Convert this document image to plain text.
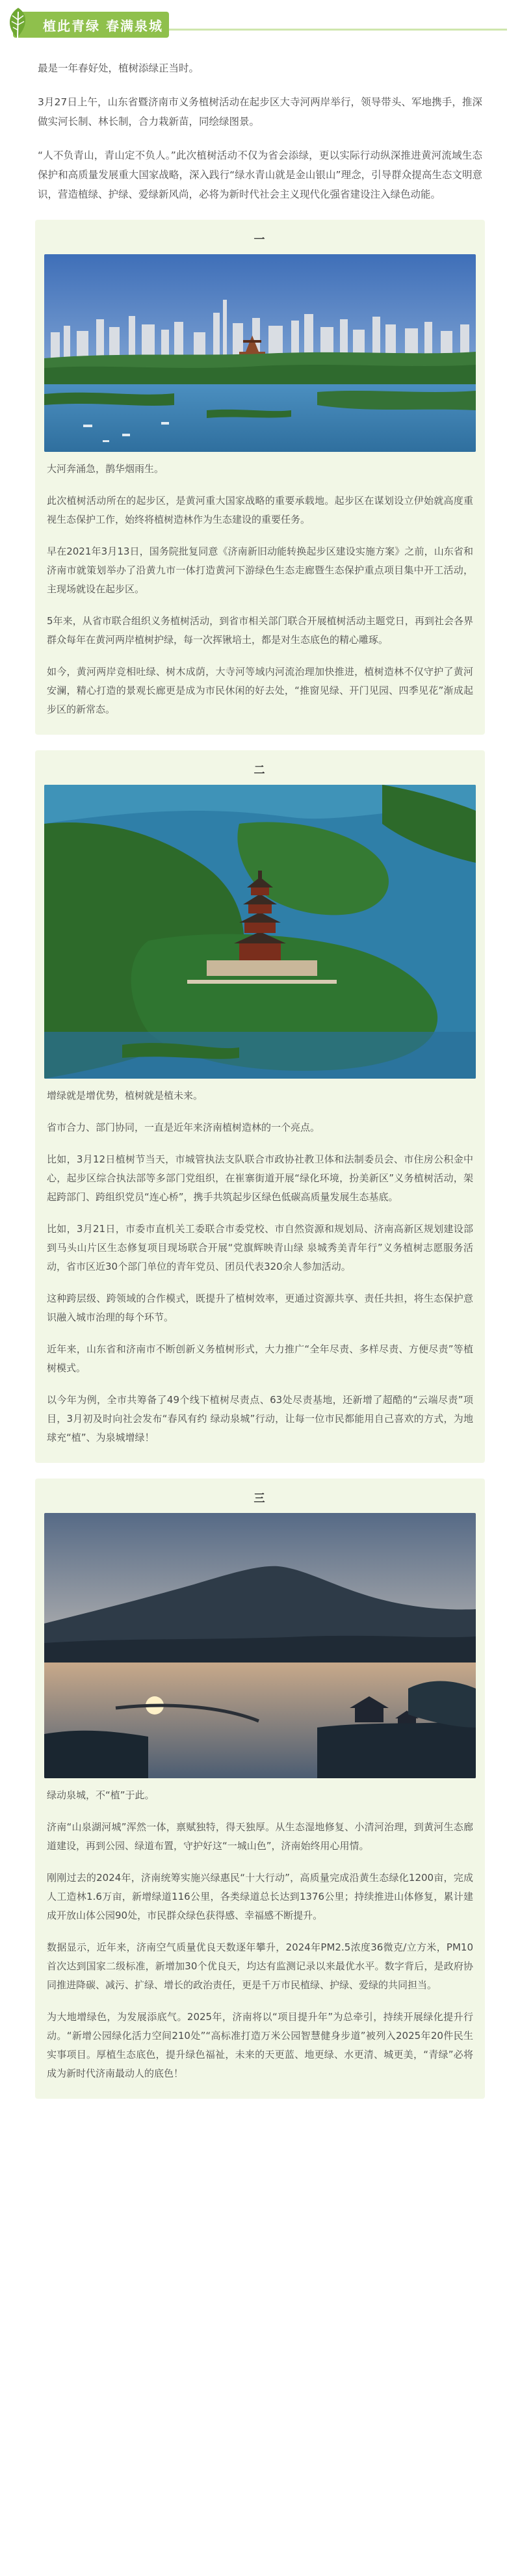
植此青绿 春满泉城

最是一年春好处，植树添绿正当时。

3月27日上午，山东省暨济南市义务植树活动在起步区大寺河两岸举行，领导带头、军地携手，推深做实河长制、林长制，合力栽新苗，同绘绿图景。

“人不负青山，青山定不负人。”此次植树活动不仅为省会添绿，更以实际行动纵深推进黄河流域生态保护和高质量发展重大国家战略，深入践行“绿水青山就是金山银山”理念，引导群众提高生态文明意识，营造植绿、护绿、爱绿新风尚，必将为新时代社会主义现代化强省建设注入绿色动能。

一

大河奔涌急，鹊华烟雨生。

此次植树活动所在的起步区，是黄河重大国家战略的重要承载地。起步区在谋划设立伊始就高度重视生态保护工作，始终将植树造林作为生态建设的重要任务。

早在2021年3月13日，国务院批复同意《济南新旧动能转换起步区建设实施方案》之前，山东省和济南市就策划举办了沿黄九市一体打造黄河下游绿色生态走廊暨生态保护重点项目集中开工活动，主现场就设在起步区。

5年来，从省市联合组织义务植树活动，到省市相关部门联合开展植树活动主题党日，再到社会各界群众每年在黄河两岸植树护绿，每一次挥锹培土，都是对生态底色的精心雕琢。

如今，黄河两岸竞相吐绿、树木成荫，大寺河等域内河流治理加快推进，植树造林不仅守护了黄河安澜，精心打造的景观长廊更是成为市民休闲的好去处，“推窗见绿、开门见园、四季见花”渐成起步区的新常态。

二

增绿就是增优势，植树就是植未来。

省市合力、部门协同，一直是近年来济南植树造林的一个亮点。

比如，3月12日植树节当天，市城管执法支队联合市政协社教卫体和法制委员会、市住房公积金中心，起步区综合执法部等多部门党组织，在崔寨街道开展“绿化环境，扮美新区”义务植树活动，架起跨部门、跨组织党员“连心桥”，携手共筑起步区绿色低碳高质量发展生态基底。

比如，3月21日，市委市直机关工委联合市委党校、市自然资源和规划局、济南高新区规划建设部到马头山片区生态修复项目现场联合开展“党旗辉映青山绿 泉城秀美青年行”义务植树志愿服务活动，省市区近30个部门单位的青年党员、团员代表320余人参加活动。

这种跨层级、跨领域的合作模式，既提升了植树效率，更通过资源共享、责任共担，将生态保护意识融入城市治理的每个环节。

近年来，山东省和济南市不断创新义务植树形式，大力推广“全年尽责、多样尽责、方便尽责”等植树模式。

以今年为例，全市共筹备了49个线下植树尽责点、63处尽责基地，还新增了超酷的“云端尽责”项目，3月初及时向社会发布“春风有约 绿动泉城”行动，让每一位市民都能用自己喜欢的方式，为地球充“植”、为泉城增绿！

三

绿动泉城，不“植”于此。

济南“山泉湖河城”浑然一体，禀赋独特，得天独厚。从生态湿地修复、小清河治理，到黄河生态廊道建设，再到公园、绿道布置，守护好这“一城山色”，济南始终用心用情。

刚刚过去的2024年，济南统筹实施兴绿惠民“十大行动”，高质量完成沿黄生态绿化1200亩，完成人工造林1.6万亩，新增绿道116公里，各类绿道总长达到1376公里；持续推进山体修复，累计建成开放山体公园90处，市民群众绿色获得感、幸福感不断提升。

数据显示，近年来，济南空气质量优良天数逐年攀升，2024年PM2.5浓度36微克/立方米，PM10首次达到国家二级标准，新增加30个优良天，均达有监测记录以来最优水平。数字背后，是政府协同推进降碳、减污、扩绿、增长的政治责任，更是千万市民植绿、护绿、爱绿的共同担当。

为大地增绿色，为发展添底气。2025年，济南将以“项目提升年”为总牵引，持续开展绿化提升行动。“新增公园绿化活力空间210处”“高标准打造万米公园智慧健身步道”被列入2025年20件民生实事项目。厚植生态底色，提升绿色福祉，未来的天更蓝、地更绿、水更清、城更美，“青绿”必将成为新时代济南最动人的底色！
